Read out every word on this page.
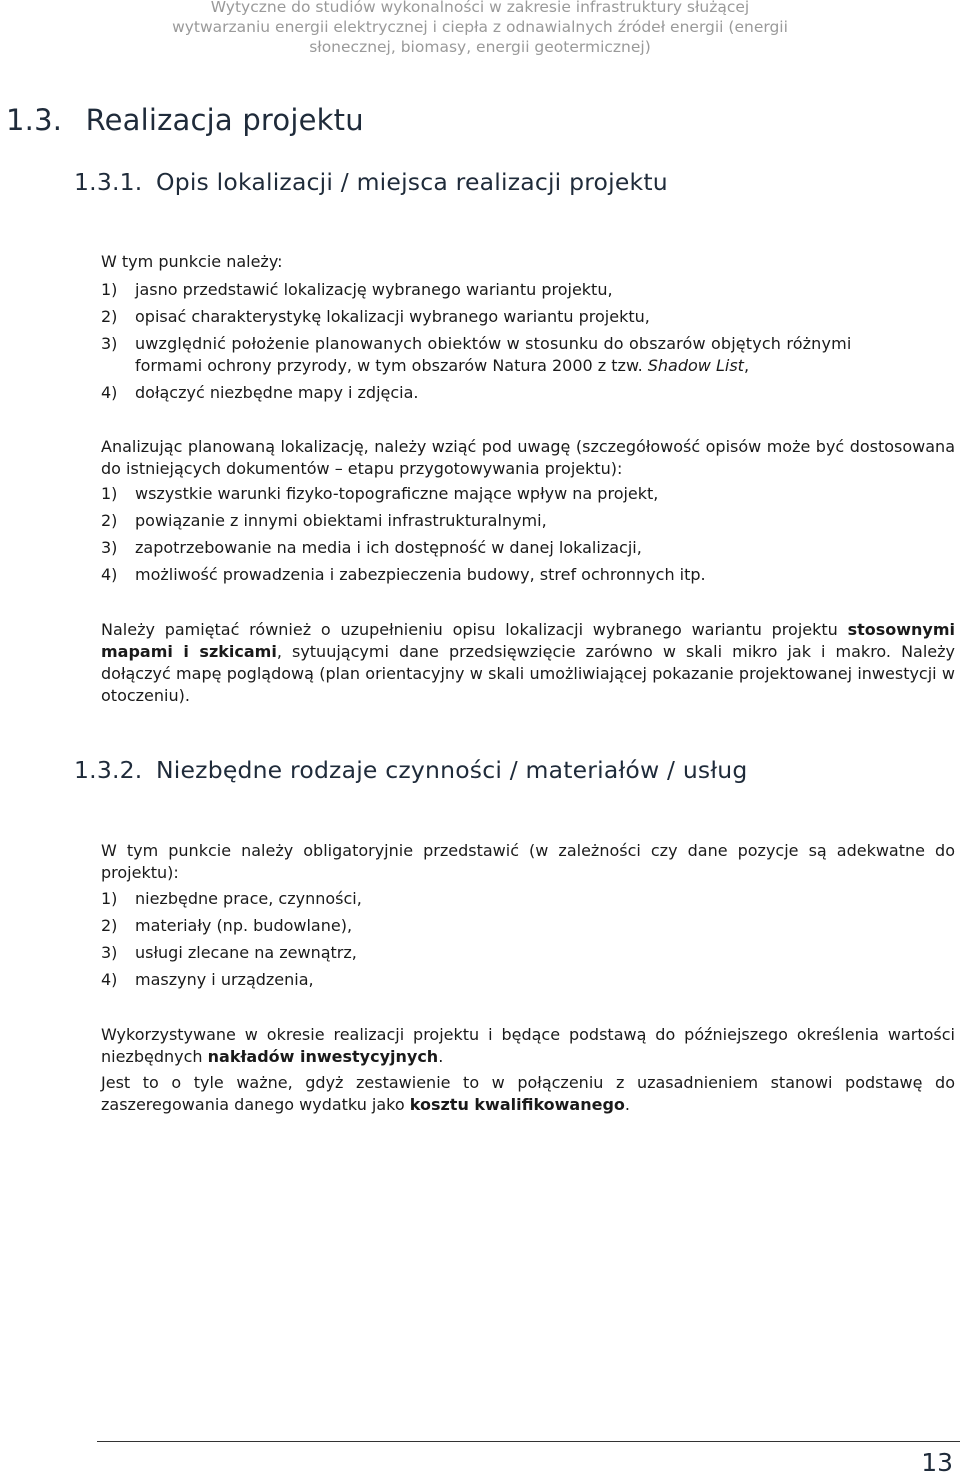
Wytyczne do studiów wykonalności w zakresie infrastruktury służącej
wytwarzaniu energii elektrycznej i ciepła z odnawialnych źródeł energii (energii
słonecznej, biomasy, energii geotermicznej)
1.3. Realizacja projektu
1.3.1. Opis lokalizacji / miejsca realizacji projektu

W tym punkcie należy:

1) jasno przedstawić lokalizację wybranego wariantu projektu,
2) opisać charakterystykę lokalizacji wybranego wariantu projektu,
3) uwzględnić położenie planowanych obiektów w stosunku do obszarów objętych różnymi
formami ochrony przyrody, w tym obszarów Natura 2000 z tzw. Shadow List,
4) dołączyć niezbędne mapy i zdjęcia.

Analizując planowaną lokalizację, należy wziąć pod uwagę (szczegółowość opisów może być dostosowana do istniejących dokumentów – etapu przygotowywania projektu):

1) wszystkie warunki fizyko-topograficzne mające wpływ na projekt,
2) powiązanie z innymi obiektami infrastrukturalnymi,
3) zapotrzebowanie na media i ich dostępność w danej lokalizacji,
4) możliwość prowadzenia i zabezpieczenia budowy, stref ochronnych itp.

Należy pamiętać również o uzupełnieniu opisu lokalizacji wybranego wariantu projektu stosownymi mapami i szkicami, sytuującymi dane przedsięwzięcie zarówno w skali mikro jak i makro. Należy dołączyć mapę poglądową (plan orientacyjny w skali umożliwiającej pokazanie projektowanej inwestycji w otoczeniu).

1.3.2. Niezbędne rodzaje czynności / materiałów / usług

W tym punkcie należy obligatoryjnie przedstawić (w zależności czy dane pozycje są adekwatne do projektu):

1) niezbędne prace, czynności,
2) materiały (np. budowlane),
3) usługi zlecane na zewnątrz,
4) maszyny i urządzenia,

Wykorzystywane w okresie realizacji projektu i będące podstawą do późniejszego określenia wartości niezbędnych nakładów inwestycyjnych.

Jest to o tyle ważne, gdyż zestawienie to w połączeniu z uzasadnieniem stanowi podstawę do zaszeregowania danego wydatku jako kosztu kwalifikowanego.

13
